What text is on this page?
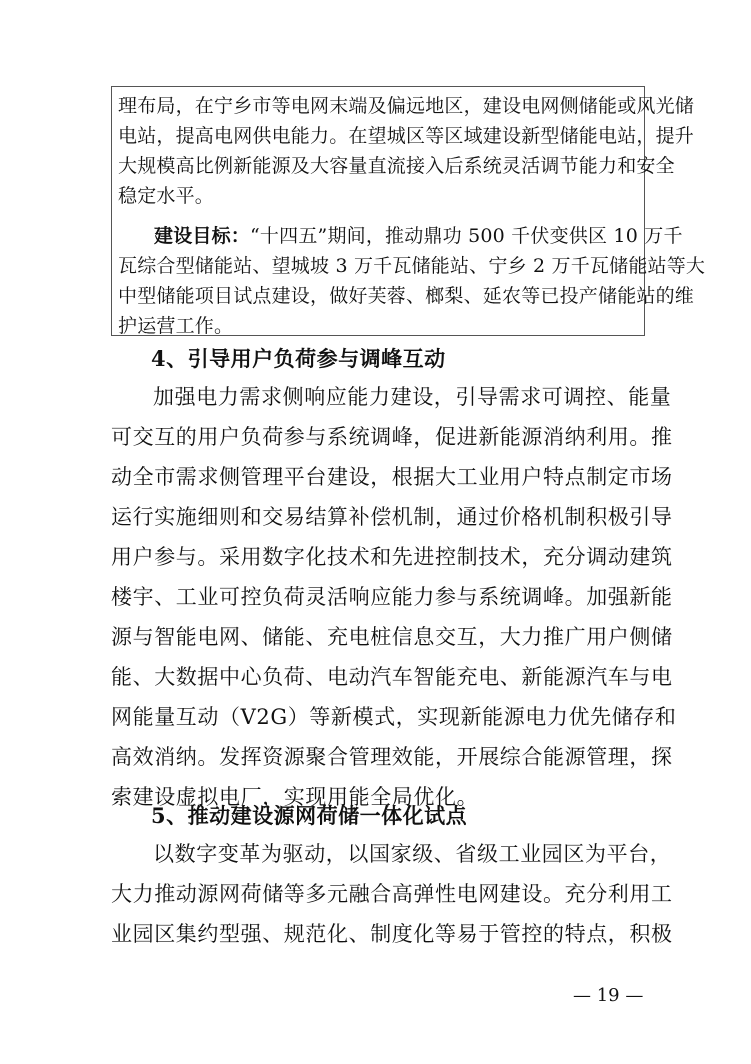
理布局，在宁乡市等电网末端及偏远地区，建设电网侧储能或风光储
电站，提高电网供电能力。在望城区等区域建设新型储能电站，提升
大规模高比例新能源及大容量直流接入后系统灵活调节能力和安全
稳定水平。
建设目标：“十四五”期间，推动鼎功 500 千伏变供区 10 万千
瓦综合型储能站、望城坡 3 万千瓦储能站、宁乡 2 万千瓦储能站等大
中型储能项目试点建设，做好芙蓉、榔梨、延农等已投产储能站的维
护运营工作。
4、引导用户负荷参与调峰互动
加强电力需求侧响应能力建设，引导需求可调控、能量
可交互的用户负荷参与系统调峰，促进新能源消纳利用。推
动全市需求侧管理平台建设，根据大工业用户特点制定市场
运行实施细则和交易结算补偿机制，通过价格机制积极引导
用户参与。采用数字化技术和先进控制技术，充分调动建筑
楼宇、工业可控负荷灵活响应能力参与系统调峰。加强新能
源与智能电网、储能、充电桩信息交互，大力推广用户侧储
能、大数据中心负荷、电动汽车智能充电、新能源汽车与电
网能量互动（V2G）等新模式，实现新能源电力优先储存和
高效消纳。发挥资源聚合管理效能，开展综合能源管理，探
索建设虚拟电厂，实现用能全局优化。
5、推动建设源网荷储一体化试点
以数字变革为驱动，以国家级、省级工业园区为平台，
大力推动源网荷储等多元融合高弹性电网建设。充分利用工
业园区集约型强、规范化、制度化等易于管控的特点，积极
— 19 —
